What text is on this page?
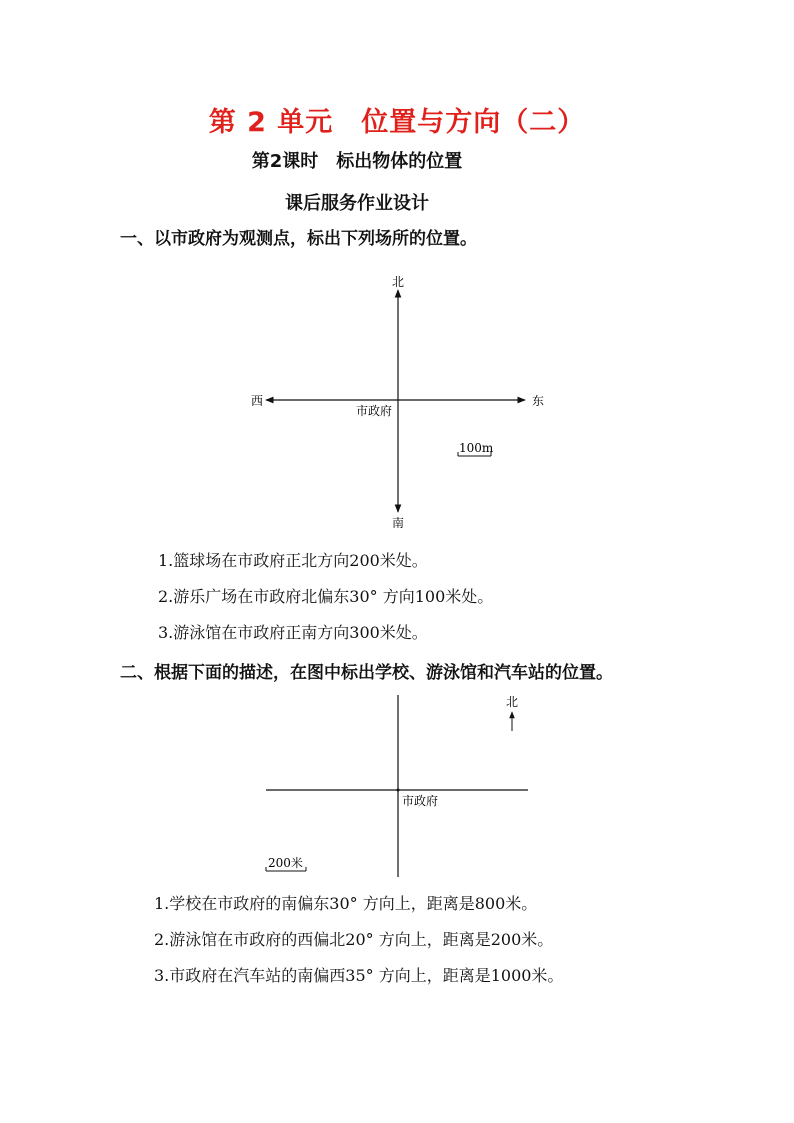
第 2 单元　位置与方向（二）
第2课时　标出物体的位置
课后服务作业设计
一、以市政府为观测点，标出下列场所的位置。
北
南
西	东
市政府
100m
市政府
北
200米
1.篮球场在市政府正北方向200米处。
2.游乐广场在市政府北偏东30° 方向100米处。
3.游泳馆在市政府正南方向300米处。
二、根据下面的描述，在图中标出学校、游泳馆和汽车站的位置。
1.学校在市政府的南偏东30° 方向上，距离是800米。
2.游泳馆在市政府的西偏北20° 方向上，距离是200米。
3.市政府在汽车站的南偏西35° 方向上，距离是1000米。
